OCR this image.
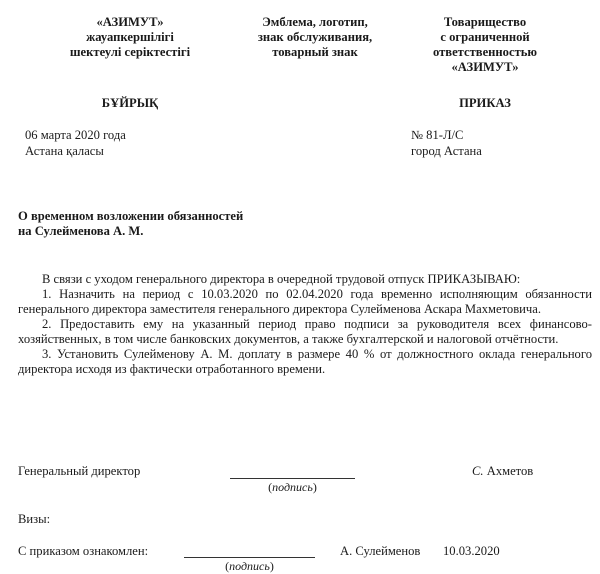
«АЗИМУТ»
жауапкершілігі
шектеулі серіктестігі
Эмблема, логотип,
знак обслуживания,
товарный знак
Товарищество
с ограниченной
ответственностью
«АЗИМУТ»
БҰЙРЫҚ	ПРИКАЗ
06 марта 2020 года
Астана қаласы
№ 81-Л/С
город Астана
О временном возложении обязанностей
на Сулейменова А. М.

В связи с уходом генерального директора в очередной трудовой отпуск ПРИКАЗЫВАЮ:

1. Назначить на период с 10.03.2020 по 02.04.2020 года временно исполняющим обязанности генерального директора заместителя генерального директора Сулейменова Аскара Махметовича.

2. Предоставить ему на указанный период право подписи за руководителя всех финансово-хозяйственных, в том числе банковских документов, а также бухгалтерской и налоговой отчётности.

3. Установить Сулейменову А. М. доплату в размере 40 % от должностного оклада генерального директора исходя из фактически отработанного времени.

Генеральный директор
(подпись)
С. Ахметов
Визы:
С приказом ознакомлен:
(подпись)
А. Сулейменов 10.03.2020
